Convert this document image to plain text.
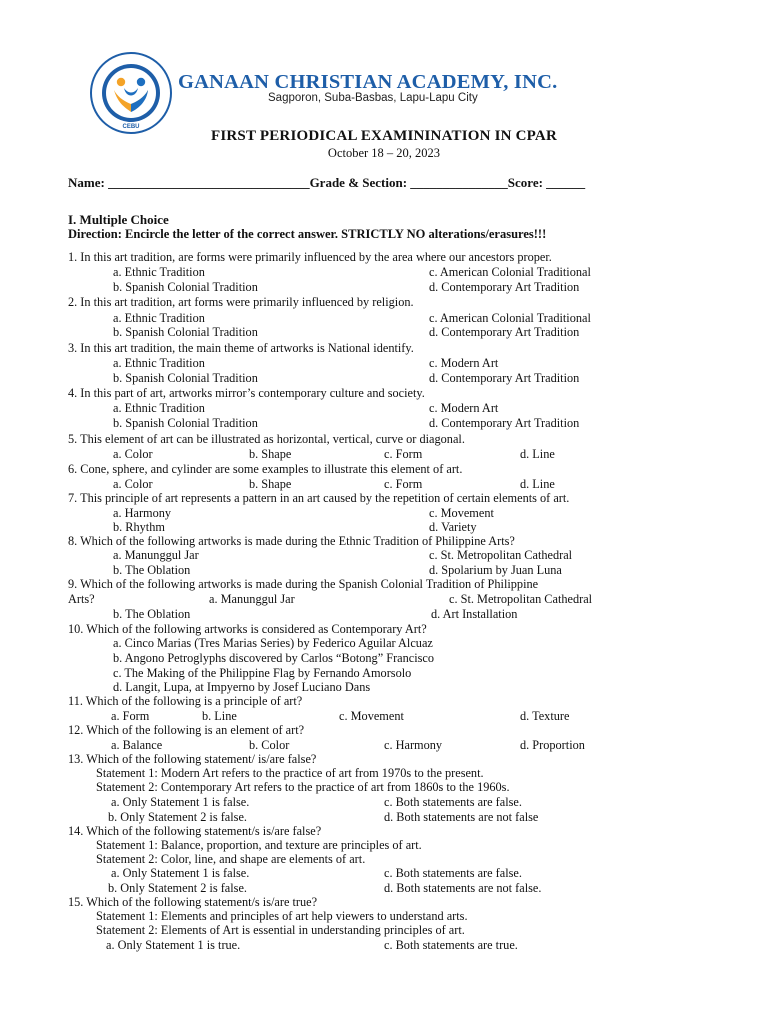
CEBU
GANAAN CHRISTIAN ACADEMY, INC.
Sagporon, Suba-Basbas, Lapu-Lapu City
FIRST PERIODICAL EXAMININATION IN CPAR
October 18 – 20, 2023
Name: _______________________________Grade & Section: _______________Score: ______
I. Multiple Choice
Direction: Encircle the letter of the correct answer. STRICTLY NO alterations/erasures!!!
1. In this art tradition, are forms were primarily influenced by the area where our ancestors proper.
a. Ethnic Tradition	c. American Colonial Traditional
b. Spanish Colonial Tradition	d. Contemporary Art Tradition
2. In this art tradition, art forms were primarily influenced by religion.
a. Ethnic Tradition	c. American Colonial Traditional
b. Spanish Colonial Tradition	d. Contemporary Art Tradition
3. In this art tradition, the main theme of artworks is National identify.
a. Ethnic Tradition	c. Modern Art
b. Spanish Colonial Tradition	d. Contemporary Art Tradition
4. In this part of art, artworks mirror’s contemporary culture and society.
a. Ethnic Tradition	c. Modern Art
b. Spanish Colonial Tradition	d. Contemporary Art Tradition
5. This element of art can be illustrated as horizontal, vertical, curve or diagonal.
a. Color	b. Shape	c. Form	d. Line
6. Cone, sphere, and cylinder are some examples to illustrate this element of art.
a. Color	b. Shape	c. Form	d. Line
7. This principle of art represents a pattern in an art caused by the repetition of certain elements of art.
a. Harmony	c. Movement
b. Rhythm	d. Variety
8. Which of the following artworks is made during the Ethnic Tradition of Philippine Arts?
a. Manunggul Jar	c. St. Metropolitan Cathedral
b. The Oblation	d. Spolarium by Juan Luna
9. Which of the following artworks is made during the Spanish Colonial Tradition of Philippine
Arts?	a. Manunggul Jar	c. St. Metropolitan Cathedral
b. The Oblation	d. Art Installation
10. Which of the following artworks is considered as Contemporary Art?
a. Cinco Marias (Tres Marias Series) by Federico Aguilar Alcuaz
b. Angono Petroglyphs discovered by Carlos “Botong” Francisco
c. The Making of the Philippine Flag by Fernando Amorsolo
d. Langit, Lupa, at Impyerno by Josef Luciano Dans
11. Which of the following is a principle of art?
a. Form	b. Line	c. Movement	d. Texture
12. Which of the following is an element of art?
a. Balance	b. Color	c. Harmony	d. Proportion
13. Which of the following statement/ is/are false?
Statement 1: Modern Art refers to the practice of art from 1970s to the present.
Statement 2: Contemporary Art refers to the practice of art from 1860s to the 1960s.
a. Only Statement 1 is false.	c. Both statements are false.
b. Only Statement 2 is false.	d. Both statements are not false
14. Which of the following statement/s is/are false?
Statement 1: Balance, proportion, and texture are principles of art.
Statement 2: Color, line, and shape are elements of art.
a. Only Statement 1 is false.	c. Both statements are false.
b. Only Statement 2 is false.	d. Both statements are not false.
15. Which of the following statement/s is/are true?
Statement 1: Elements and principles of art help viewers to understand arts.
Statement 2: Elements of Art is essential in understanding principles of art.
a. Only Statement 1 is true.	c. Both statements are true.
